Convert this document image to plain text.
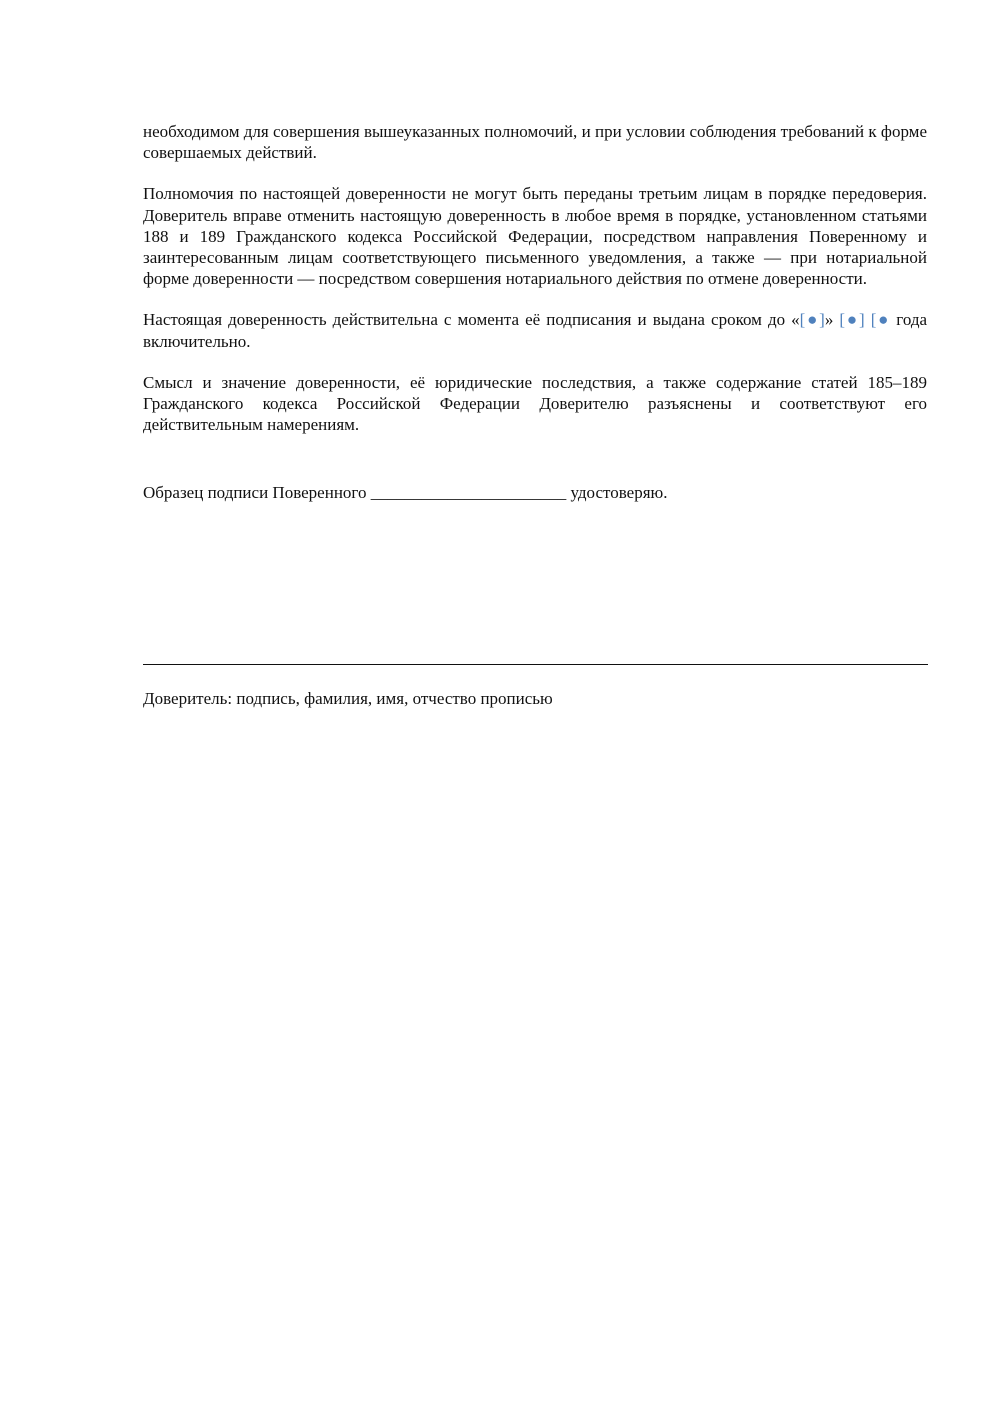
необходимом для совершения вышеуказанных полномочий, и при условии соблюдения требований к форме совершаемых действий.

Полномочия по настоящей доверенности не могут быть переданы третьим лицам в порядке передоверия. Доверитель вправе отменить настоящую доверенность в любое время в порядке, установленном статьями 188 и 189 Гражданского кодекса Российской Федерации, посредством направления Поверенному и заинтересованным лицам соответствующего письменного уведомления, а также — при нотариальной форме доверенности — посредством совершения нотариального действия по отмене доверенности.

Настоящая доверенность действительна с момента её подписания и выдана сроком до «[●]» [●] [● года включительно.

Смысл и значение доверенности, её юридические последствия, а также содержание статей 185–189 Гражданского кодекса Российской Федерации Доверителю разъяснены и соответствуют его действительным намерениям.

Образец подписи Поверенного _______________________ удостоверяю.
Доверитель: подпись, фамилия, имя, отчество прописью
